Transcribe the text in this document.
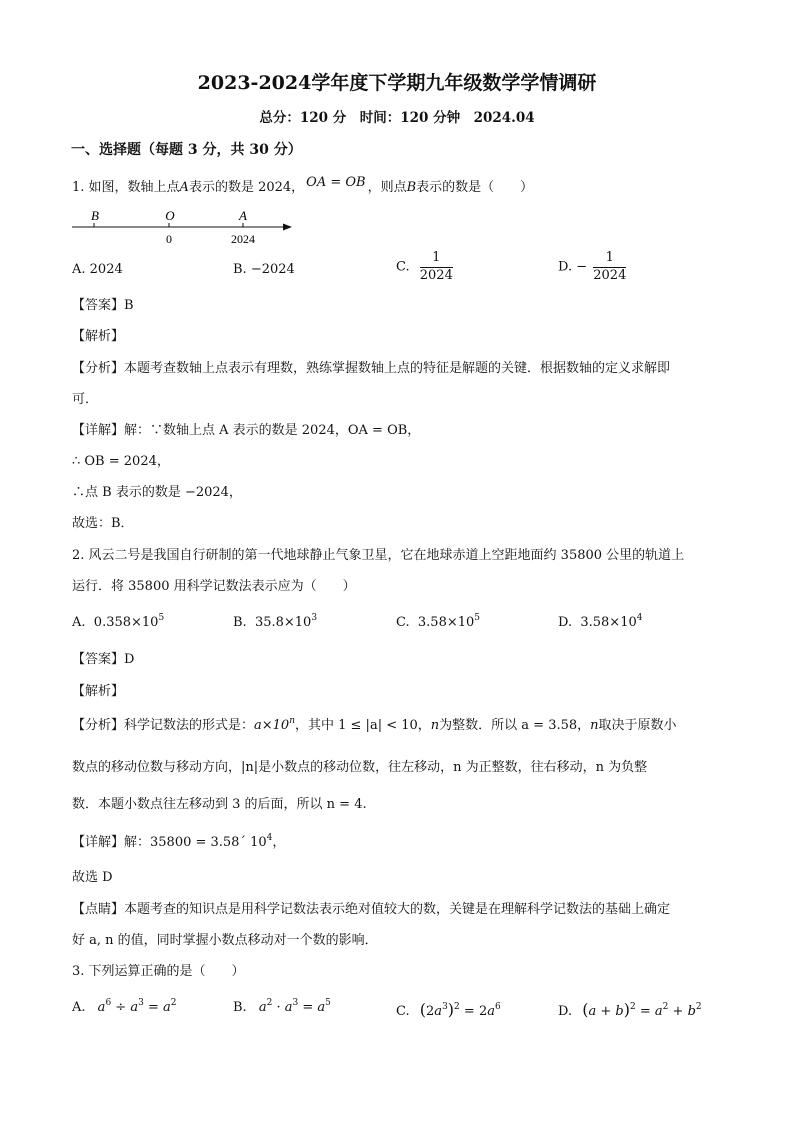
2023-2024学年度下学期九年级数学学情调研
总分：120 分　时间：120 分钟　2024.04
一、选择题（每题 3 分，共 30 分）
1. 如图，数轴上点A表示的数是 2024， OA = OB ，则点B表示的数是（　　）
B	O	A
0	2024
A. 2024	B. −2024	C. $\frac{1}{2024}$	D. − $\frac{1}{2024}$
【答案】B
【解析】
【分析】本题考查数轴上点表示有理数，熟练掌握数轴上点的特征是解题的关键．根据数轴的定义求解即
可．
【详解】解：∵数轴上点 A 表示的数是 2024，OA = OB，
∴ OB = 2024，
∴点 B 表示的数是 −2024，
故选：B．
2. 风云二号是我国自行研制的第一代地球静止气象卫星，它在地球赤道上空距地面约 35800 公里的轨道上
运行．将 35800 用科学记数法表示应为（　　）
A. $0.358\times 10^5$	B. $35.8\times 10^3$	C. $3.58\times 10^5$	D. $3.58\times 10^4$
【答案】D
【解析】
【分析】科学记数法的形式是：$a\times 10^n$，其中 1 ≤ |a| < 10，n为整数．所以 a = 3.58，n取决于原数小
数点的移动位数与移动方向，|n|是小数点的移动位数，往左移动，n 为正整数，往右移动，n 为负整
数．本题小数点往左移动到 3 的后面，所以 n = 4.
【详解】解：35800 = 3.58´ $10^4$，
故选 D
【点睛】本题考查的知识点是用科学记数法表示绝对值较大的数，关键是在理解科学记数法的基础上确定
好 a, n 的值，同时掌握小数点移动对一个数的影响．
3. 下列运算正确的是（　　）
A. $a^6 \div a^3 = a^2$	B. $a^2 \cdot a^3 = a^5$
C. $(2a^3)^2 = 2a^6$	D. $(a + b)^2 = a^2 + b^2$
